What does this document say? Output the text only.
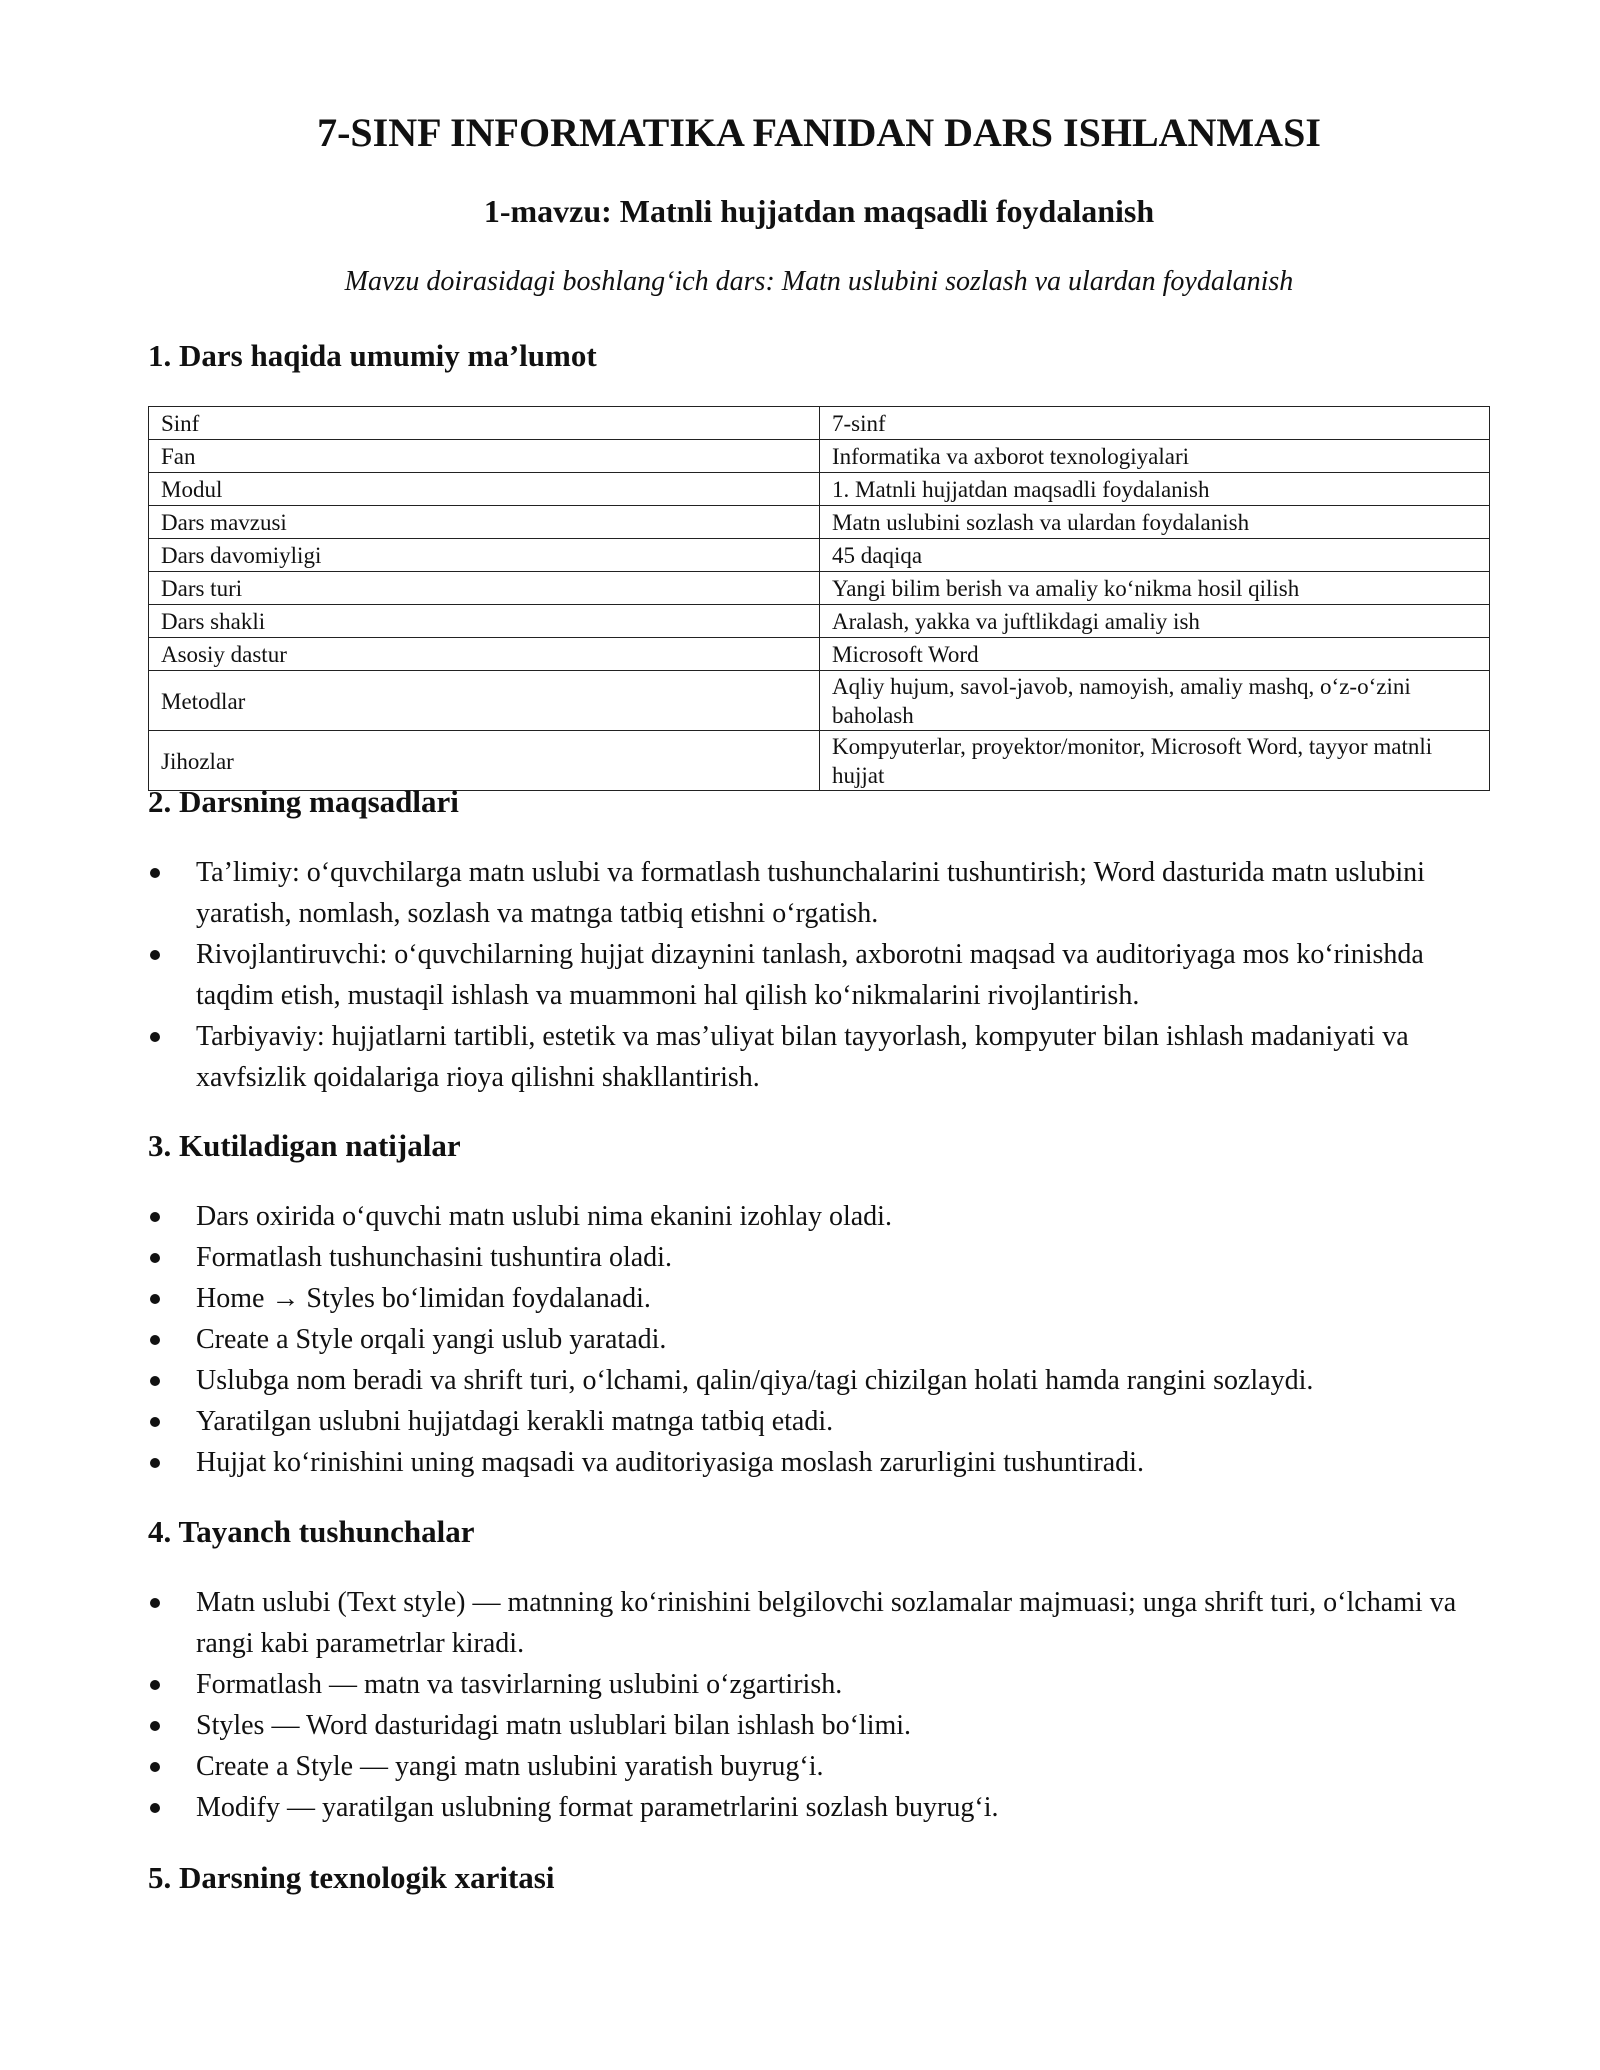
7-SINF INFORMATIKA FANIDAN DARS ISHLANMASI
1-mavzu: Matnli hujjatdan maqsadli foydalanish

Mavzu doirasidagi boshlang‘ich dars: Matn uslubini sozlash va ulardan foydalanish

1. Dars haqida umumiy ma’lumot
Sinf	7-sinf
Fan	Informatika va axborot texnologiyalari
Modul	1. Matnli hujjatdan maqsadli foydalanish
Dars mavzusi	Matn uslubini sozlash va ulardan foydalanish
Dars davomiyligi	45 daqiqa
Dars turi	Yangi bilim berish va amaliy ko‘nikma hosil qilish
Dars shakli	Aralash, yakka va juftlikdagi amaliy ish
Asosiy dastur	Microsoft Word
Metodlar	Aqliy hujum, savol-javob, namoyish, amaliy mashq, o‘z-o‘zini baholash
Jihozlar	Kompyuterlar, proyektor/monitor, Microsoft Word, tayyor matnli hujjat
2. Darsning maqsadlari
Ta’limiy: o‘quvchilarga matn uslubi va formatlash tushunchalarini tushuntirish; Word dasturida matn uslubini yaratish, nomlash, sozlash va matnga tatbiq etishni o‘rgatish.
Rivojlantiruvchi: o‘quvchilarning hujjat dizaynini tanlash, axborotni maqsad va auditoriyaga mos ko‘rinishda taqdim etish, mustaqil ishlash va muammoni hal qilish ko‘nikmalarini rivojlantirish.
Tarbiyaviy: hujjatlarni tartibli, estetik va mas’uliyat bilan tayyorlash, kompyuter bilan ishlash madaniyati va xavfsizlik qoidalariga rioya qilishni shakllantirish.
3. Kutiladigan natijalar
Dars oxirida o‘quvchi matn uslubi nima ekanini izohlay oladi.
Formatlash tushunchasini tushuntira oladi.
Home → Styles bo‘limidan foydalanadi.
Create a Style orqali yangi uslub yaratadi.
Uslubga nom beradi va shrift turi, o‘lchami, qalin/qiya/tagi chizilgan holati hamda rangini sozlaydi.
Yaratilgan uslubni hujjatdagi kerakli matnga tatbiq etadi.
Hujjat ko‘rinishini uning maqsadi va auditoriyasiga moslash zarurligini tushuntiradi.
4. Tayanch tushunchalar
Matn uslubi (Text style) — matnning ko‘rinishini belgilovchi sozlamalar majmuasi; unga shrift turi, o‘lchami va rangi kabi parametrlar kiradi.
Formatlash — matn va tasvirlarning uslubini o‘zgartirish.
Styles — Word dasturidagi matn uslublari bilan ishlash bo‘limi.
Create a Style — yangi matn uslubini yaratish buyrug‘i.
Modify — yaratilgan uslubning format parametrlarini sozlash buyrug‘i.
5. Darsning texnologik xaritasi
